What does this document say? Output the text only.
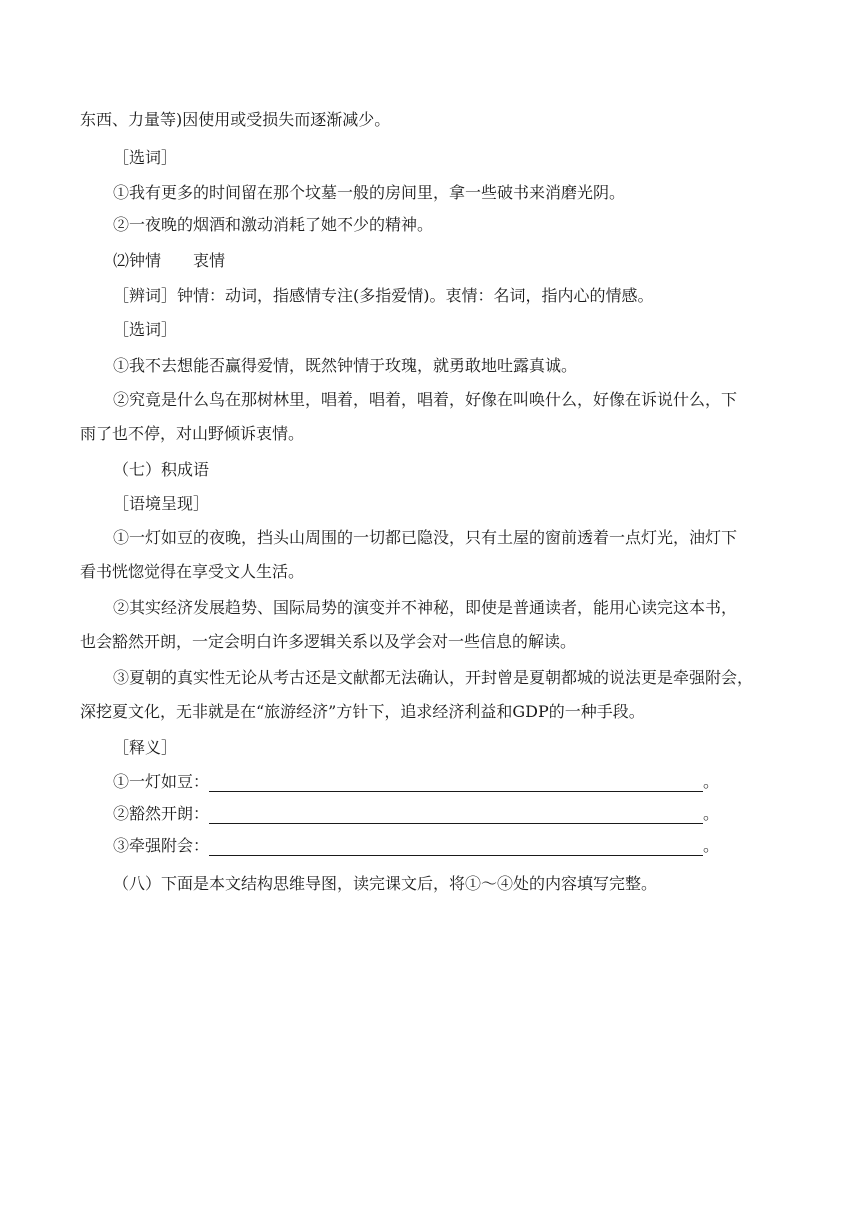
东西、力量等)因使用或受损失而逐渐减少。
［选词］
①我有更多的时间留在那个坟墓一般的房间里，拿一些破书来消磨光阴。
②一夜晚的烟酒和激动消耗了她不少的精神。
⑵钟情　　衷情
［辨词］钟情：动词，指感情专注(多指爱情)。衷情：名词，指内心的情感。
［选词］
①我不去想能否赢得爱情，既然钟情于玫瑰，就勇敢地吐露真诚。
②究竟是什么鸟在那树林里，唱着，唱着，唱着，好像在叫唤什么，好像在诉说什么，下
雨了也不停，对山野倾诉衷情。
（七）积成语
［语境呈现］
①一灯如豆的夜晚，挡头山周围的一切都已隐没，只有土屋的窗前透着一点灯光，油灯下
看书恍惚觉得在享受文人生活。
②其实经济发展趋势、国际局势的演变并不神秘，即使是普通读者，能用心读完这本书，
也会豁然开朗，一定会明白许多逻辑关系以及学会对一些信息的解读。
③夏朝的真实性无论从考古还是文献都无法确认，开封曾是夏朝都城的说法更是牵强附会，
深挖夏文化，无非就是在“旅游经济”方针下，追求经济利益和GDP的一种手段。
［释义］
①一灯如豆：	。
②豁然开朗：	。
③牵强附会：	。
（八）下面是本文结构思维导图，读完课文后，将①～④处的内容填写完整。
